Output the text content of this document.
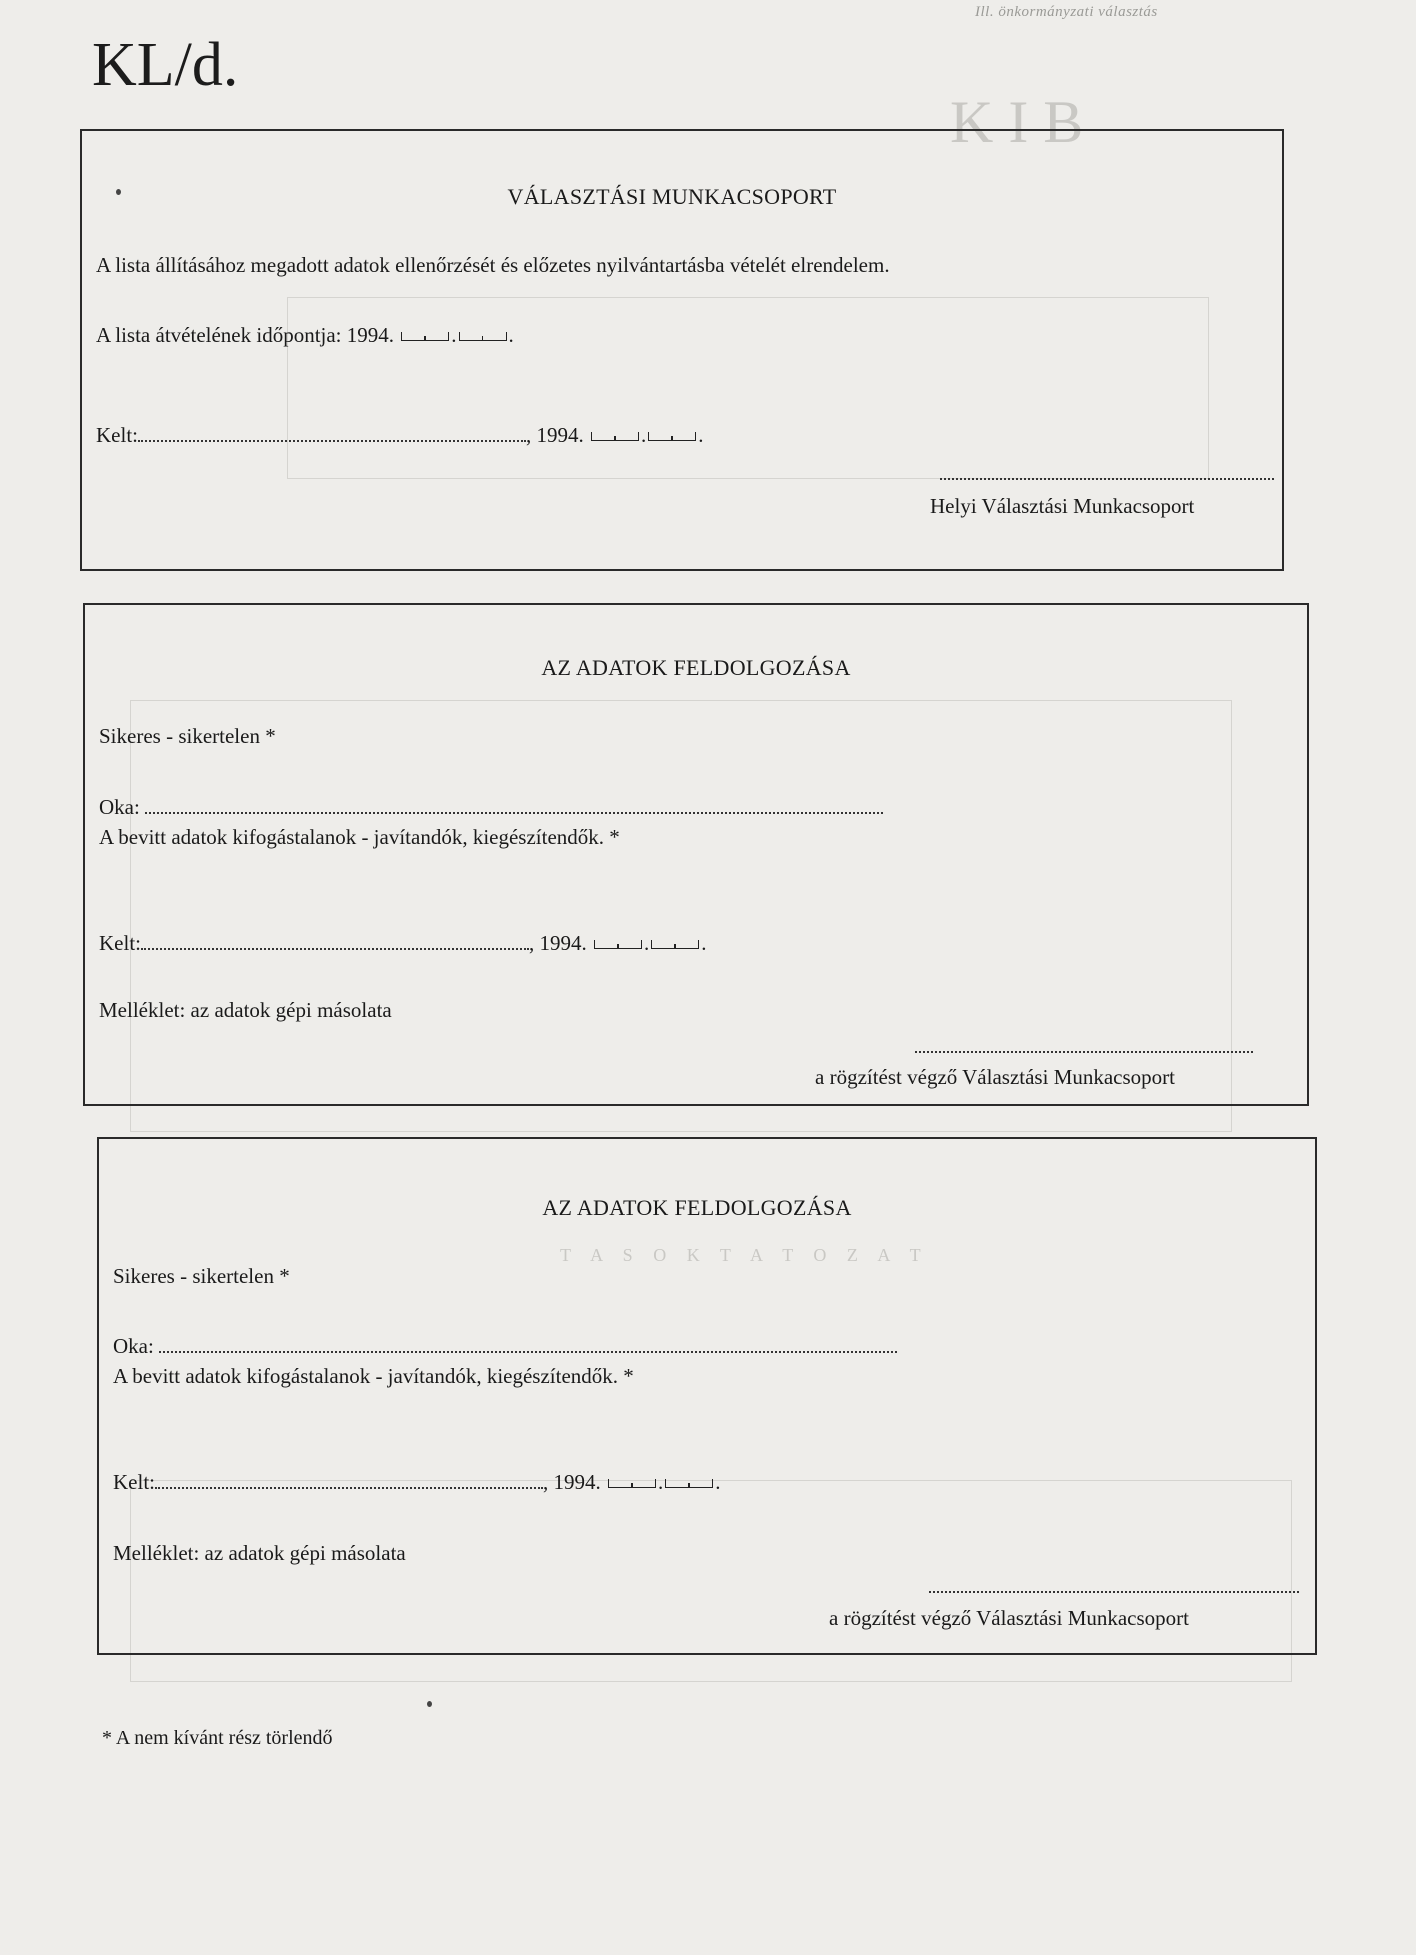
K I B
T A S O K T A T O Z A T
Ill. önkormányzati választás
KL/d.
VÁLASZTÁSI MUNKACSOPORT
A lista állításához megadott adatok ellenőrzését és előzetes nyilvántartásba vételét elrendelem.
A lista átvételének időpontja: 1994.	. .
Kelt:	, 1994.	. .
Helyi Választási Munkacsoport
AZ ADATOK FELDOLGOZÁSA
Sikeres - sikertelen *
Oka:
A bevitt adatok kifogástalanok - javítandók, kiegészítendők. *
Kelt:	, 1994.	. .
Melléklet: az adatok gépi másolata
a rögzítést végző Választási Munkacsoport
AZ ADATOK FELDOLGOZÁSA
Sikeres - sikertelen *
Oka:
A bevitt adatok kifogástalanok - javítandók, kiegészítendők. *
Kelt:	, 1994.	. .
Melléklet: az adatok gépi másolata
a rögzítést végző Választási Munkacsoport
* A nem kívánt rész törlendő
